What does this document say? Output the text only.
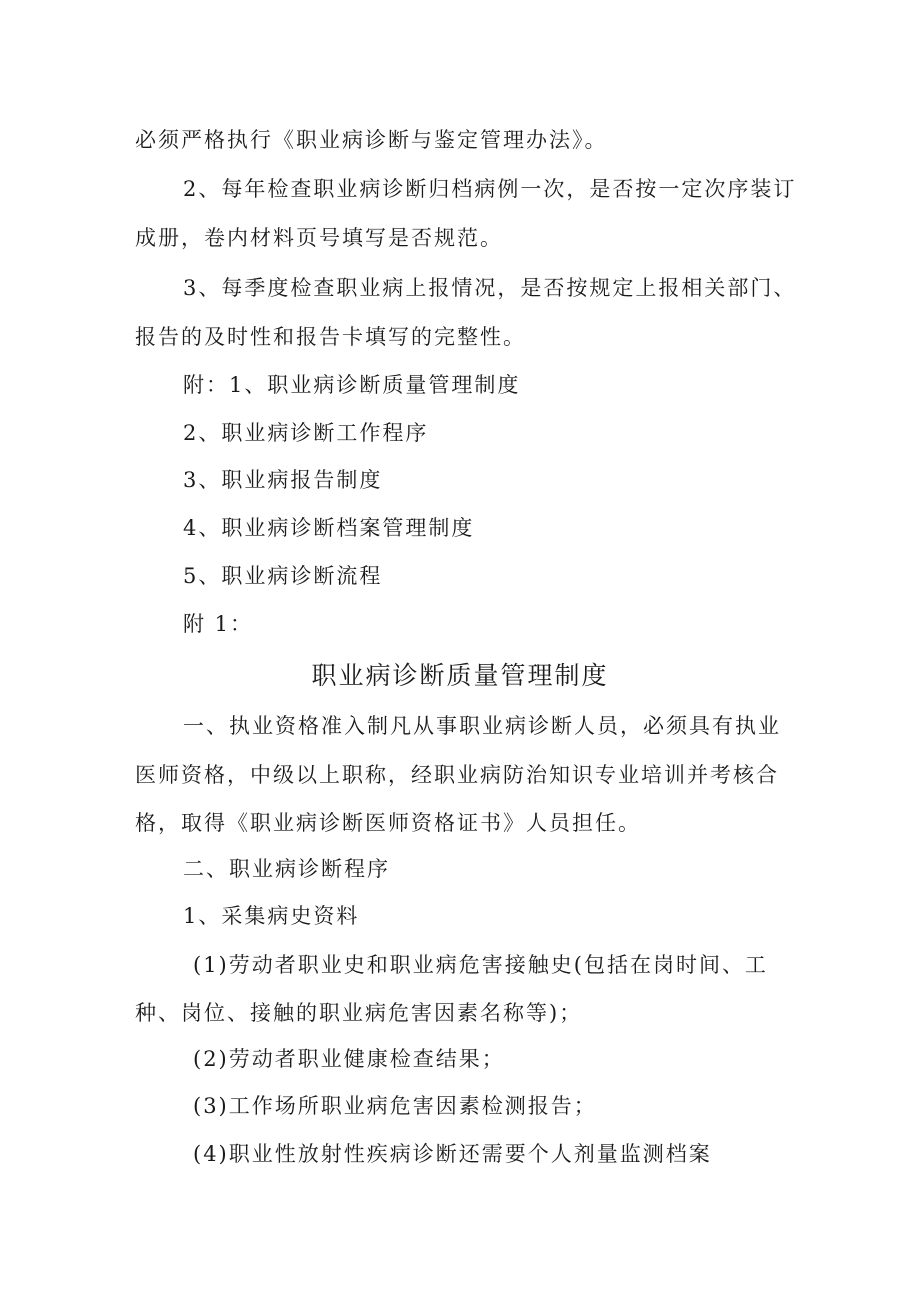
必须严格执行《职业病诊断与鉴定管理办法》。
2、每年检查职业病诊断归档病例一次，是否按一定次序装订
成册，卷内材料页号填写是否规范。
3、每季度检查职业病上报情况，是否按规定上报相关部门、
报告的及时性和报告卡填写的完整性。
附：1、职业病诊断质量管理制度
2、职业病诊断工作程序
3、职业病报告制度
4、职业病诊断档案管理制度
5、职业病诊断流程
附 1：
职业病诊断质量管理制度
一、执业资格准入制凡从事职业病诊断人员，必须具有执业
医师资格，中级以上职称，经职业病防治知识专业培训并考核合
格，取得《职业病诊断医师资格证书》人员担任。
二、职业病诊断程序
1、采集病史资料
(1)劳动者职业史和职业病危害接触史(包括在岗时间、工
种、岗位、接触的职业病危害因素名称等)；
(2)劳动者职业健康检查结果；
(3)工作场所职业病危害因素检测报告；
(4)职业性放射性疾病诊断还需要个人剂量监测档案
